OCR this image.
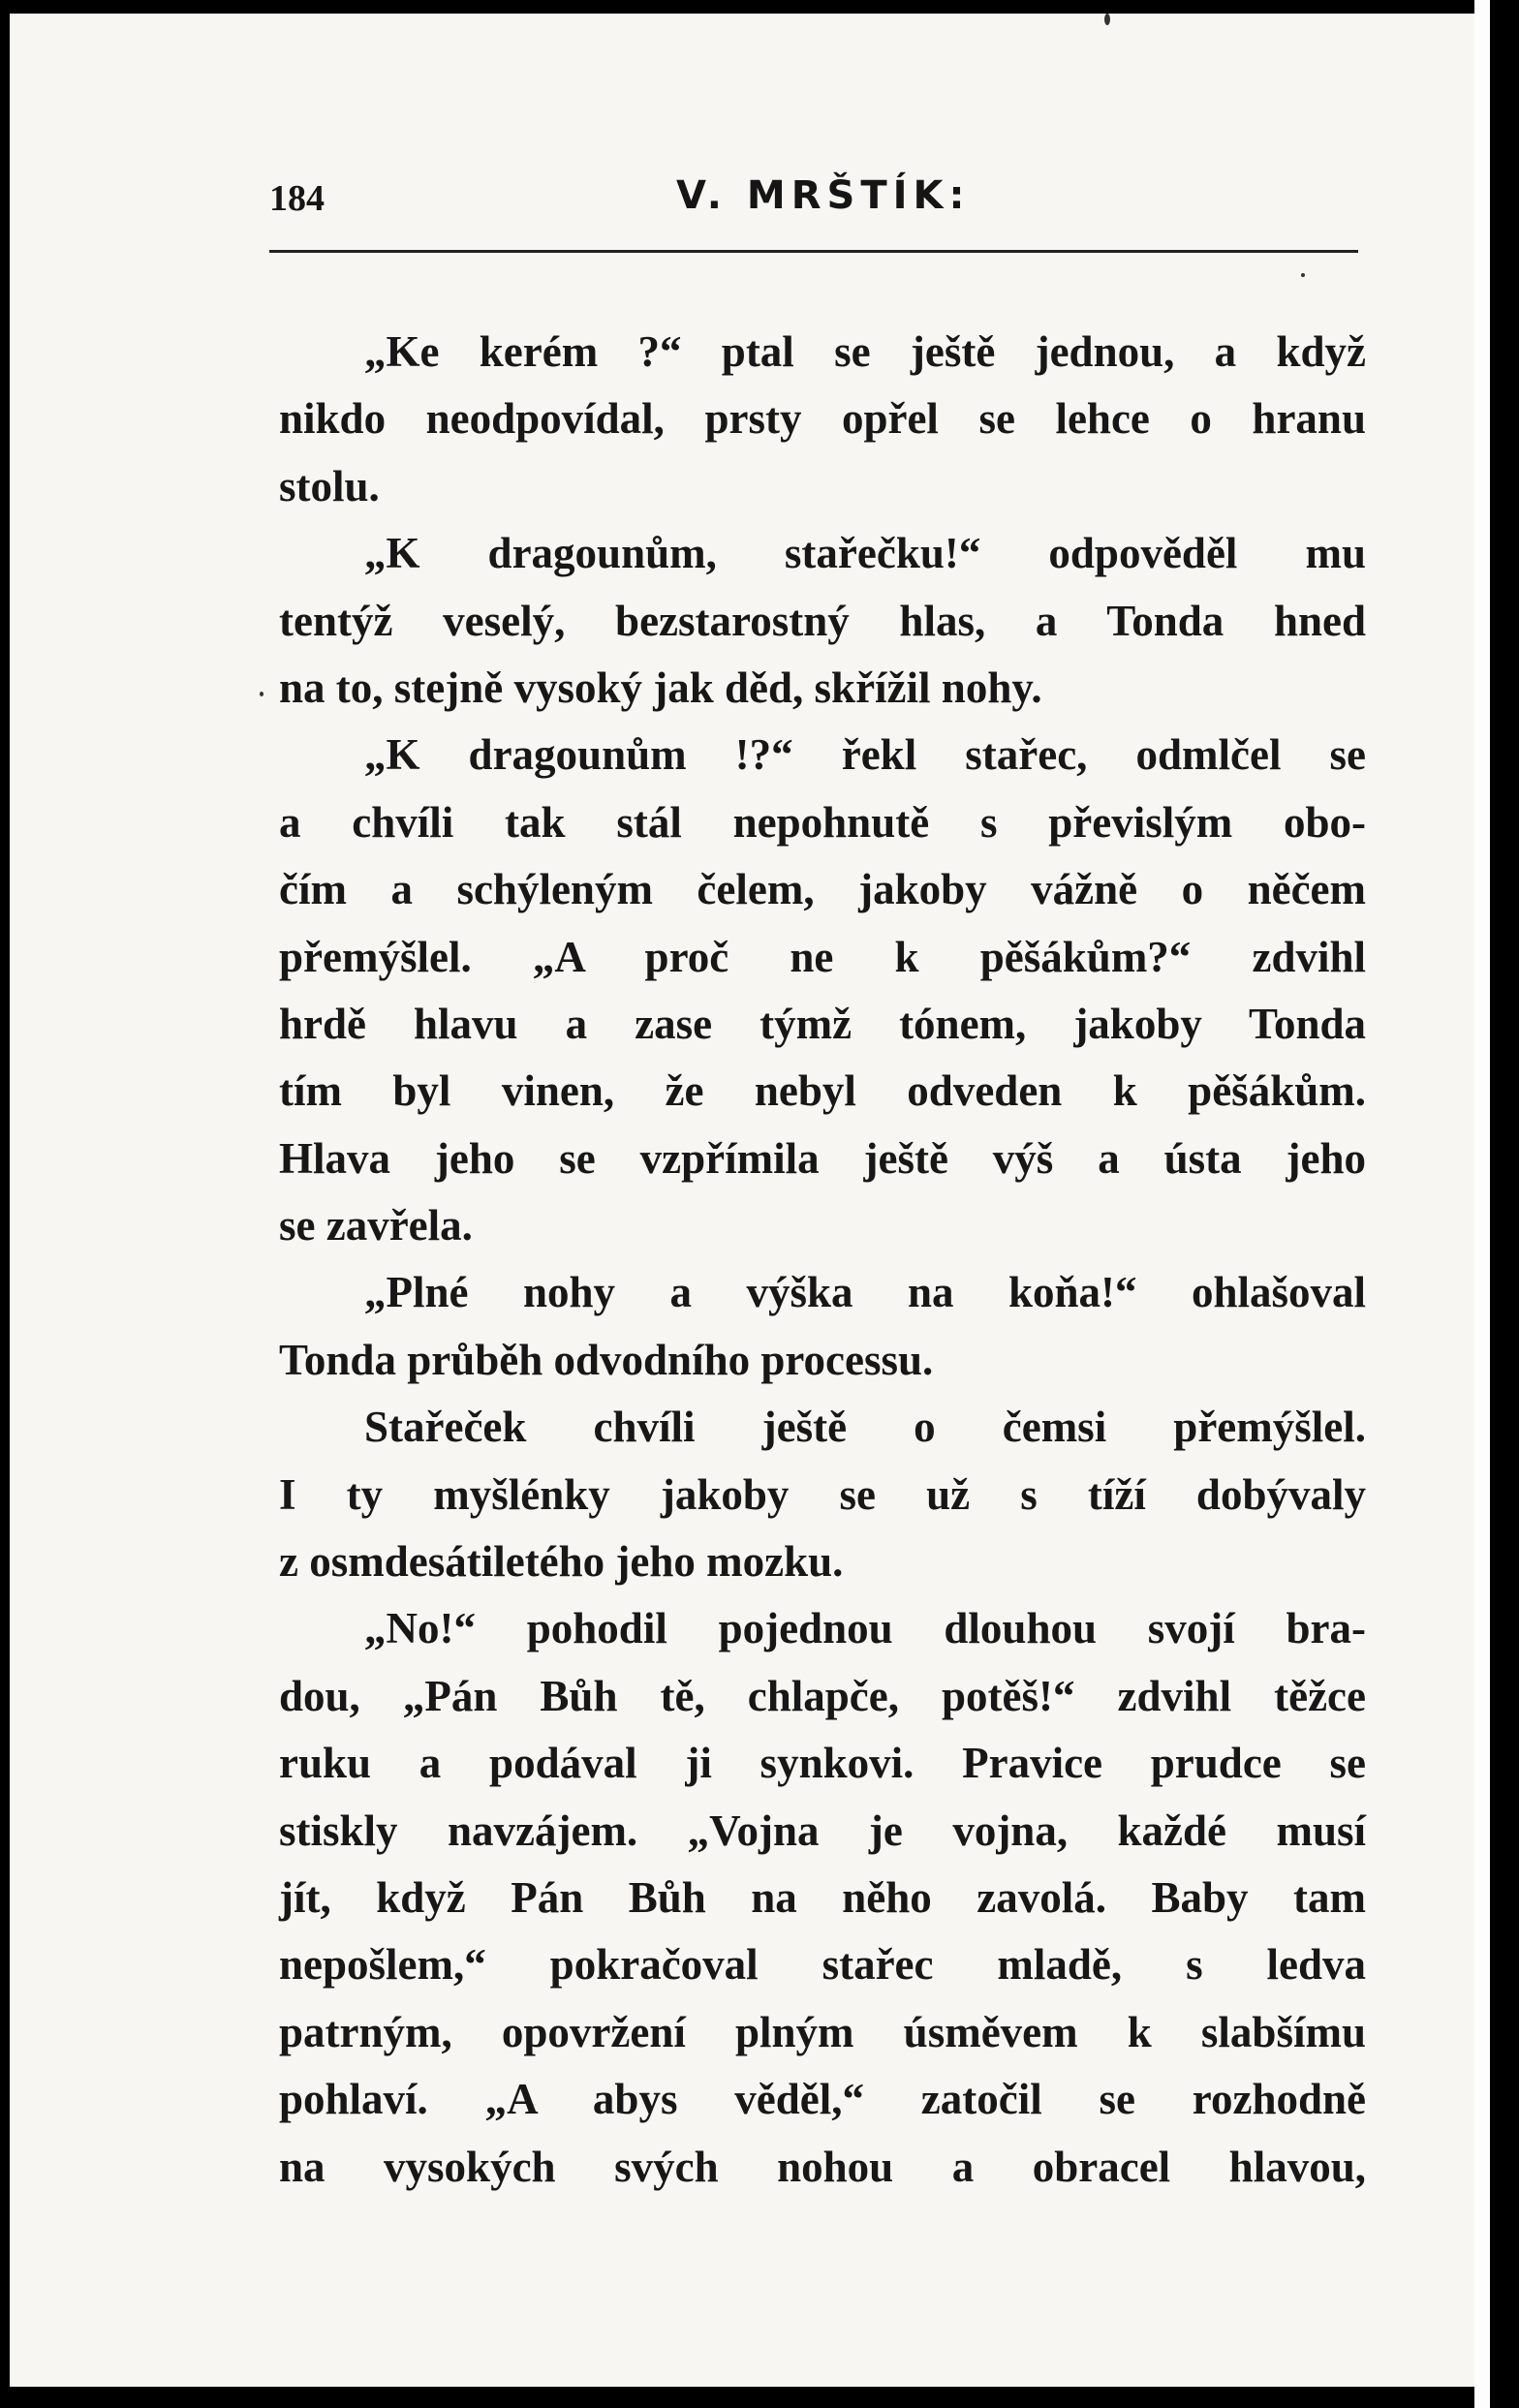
184	V. MRŠTÍK:
„Ke kerém ?“ ptal se ještě jednou, a když
nikdo neodpovídal, prsty opřel se lehce o hranu
stolu.
„K dragounům, stařečku!“ odpověděl mu
tentýž veselý, bezstarostný hlas, a Tonda hned
na to, stejně vysoký jak děd, skřížil nohy.
„K dragounům !?“ řekl stařec, odmlčel se
a chvíli tak stál nepohnutě s převislým obo-
čím a schýleným čelem, jakoby vážně o něčem
přemýšlel. „A proč ne k pěšákům?“ zdvihl
hrdě hlavu a zase týmž tónem, jakoby Tonda
tím byl vinen, že nebyl odveden k pěšákům.
Hlava jeho se vzpřímila ještě výš a ústa jeho
se zavřela.
„Plné nohy a výška na koňa!“ ohlašoval
Tonda průběh odvodního processu.
Stařeček chvíli ještě o čemsi přemýšlel.
I ty myšlénky jakoby se už s tíží dobývaly
z osmdesátiletého jeho mozku.
„No!“ pohodil pojednou dlouhou svojí bra-
dou, „Pán Bůh tě, chlapče, potěš!“ zdvihl těžce
ruku a podával ji synkovi. Pravice prudce se
stiskly navzájem. „Vojna je vojna, každé musí
jít, když Pán Bůh na něho zavolá. Baby tam
nepošlem,“ pokračoval stařec mladě, s ledva
patrným, opovržení plným úsměvem k slabšímu
pohlaví. „A abys věděl,“ zatočil se rozhodně
na vysokých svých nohou a obracel hlavou,
